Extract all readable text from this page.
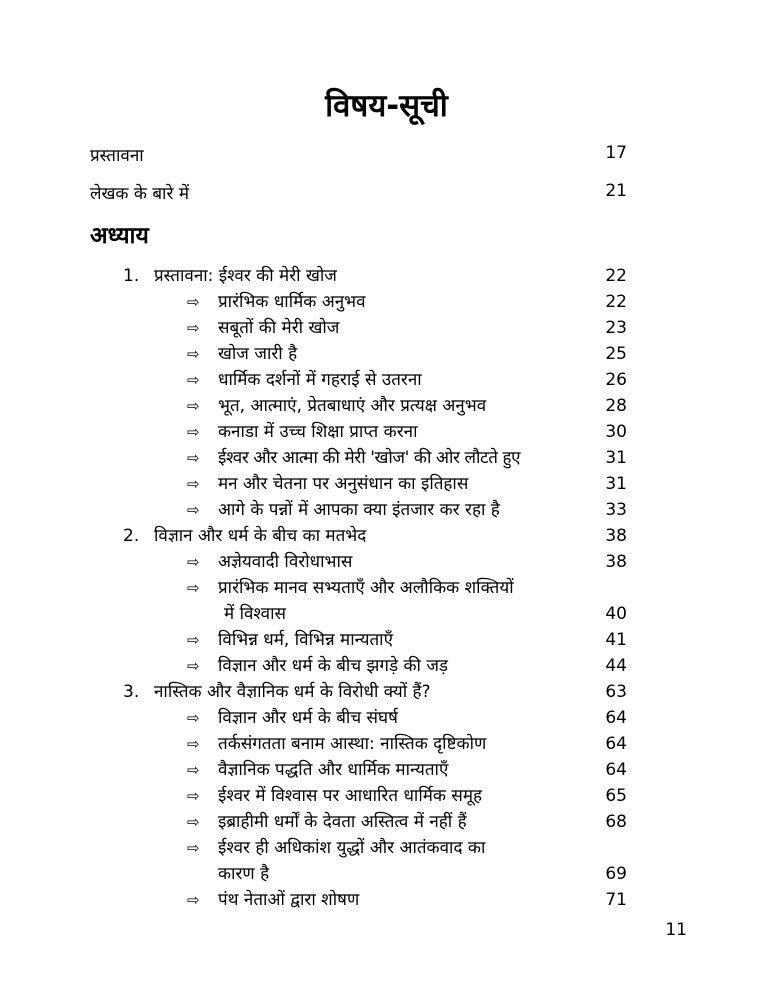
विषय-सूची
प्रस्तावना	17
लेखक के बारे में	21
अध्याय
1. प्रस्तावना: ईश्वर की मेरी खोज	22
⇨ प्रारंभिक धार्मिक अनुभव	22
⇨ सबूतों की मेरी खोज	23
⇨ खोज जारी है	25
⇨ धार्मिक दर्शनों में गहराई से उतरना	26
⇨ भूत, आत्माएं, प्रेतबाधाएं और प्रत्यक्ष अनुभव	28
⇨ कनाडा में उच्च शिक्षा प्राप्त करना	30
⇨ ईश्वर और आत्मा की मेरी 'खोज' की ओर लौटते हुए	31
⇨ मन और चेतना पर अनुसंधान का इतिहास	31
⇨ आगे के पन्नों में आपका क्या इंतजार कर रहा है	33
2. विज्ञान और धर्म के बीच का मतभेद	38
⇨ अज्ञेयवादी विरोधाभास	38
⇨ प्रारंभिक मानव सभ्यताएँ और अलौकिक शक्तियों
में विश्वास	40
⇨ विभिन्न धर्म, विभिन्न मान्यताएँ	41
⇨ विज्ञान और धर्म के बीच झगड़े की जड़	44
3. नास्तिक और वैज्ञानिक धर्म के विरोधी क्यों हैं?	63
⇨ विज्ञान और धर्म के बीच संघर्ष	64
⇨ तर्कसंगतता बनाम आस्था: नास्तिक दृष्टिकोण	64
⇨ वैज्ञानिक पद्धति और धार्मिक मान्यताएँ	64
⇨ ईश्वर में विश्वास पर आधारित धार्मिक समूह	65
⇨ इब्राहीमी धर्मों के देवता अस्तित्व में नहीं हैं	68
⇨ ईश्वर ही अधिकांश युद्धों और आतंकवाद का
कारण है	69
⇨ पंथ नेताओं द्वारा शोषण	71
11
